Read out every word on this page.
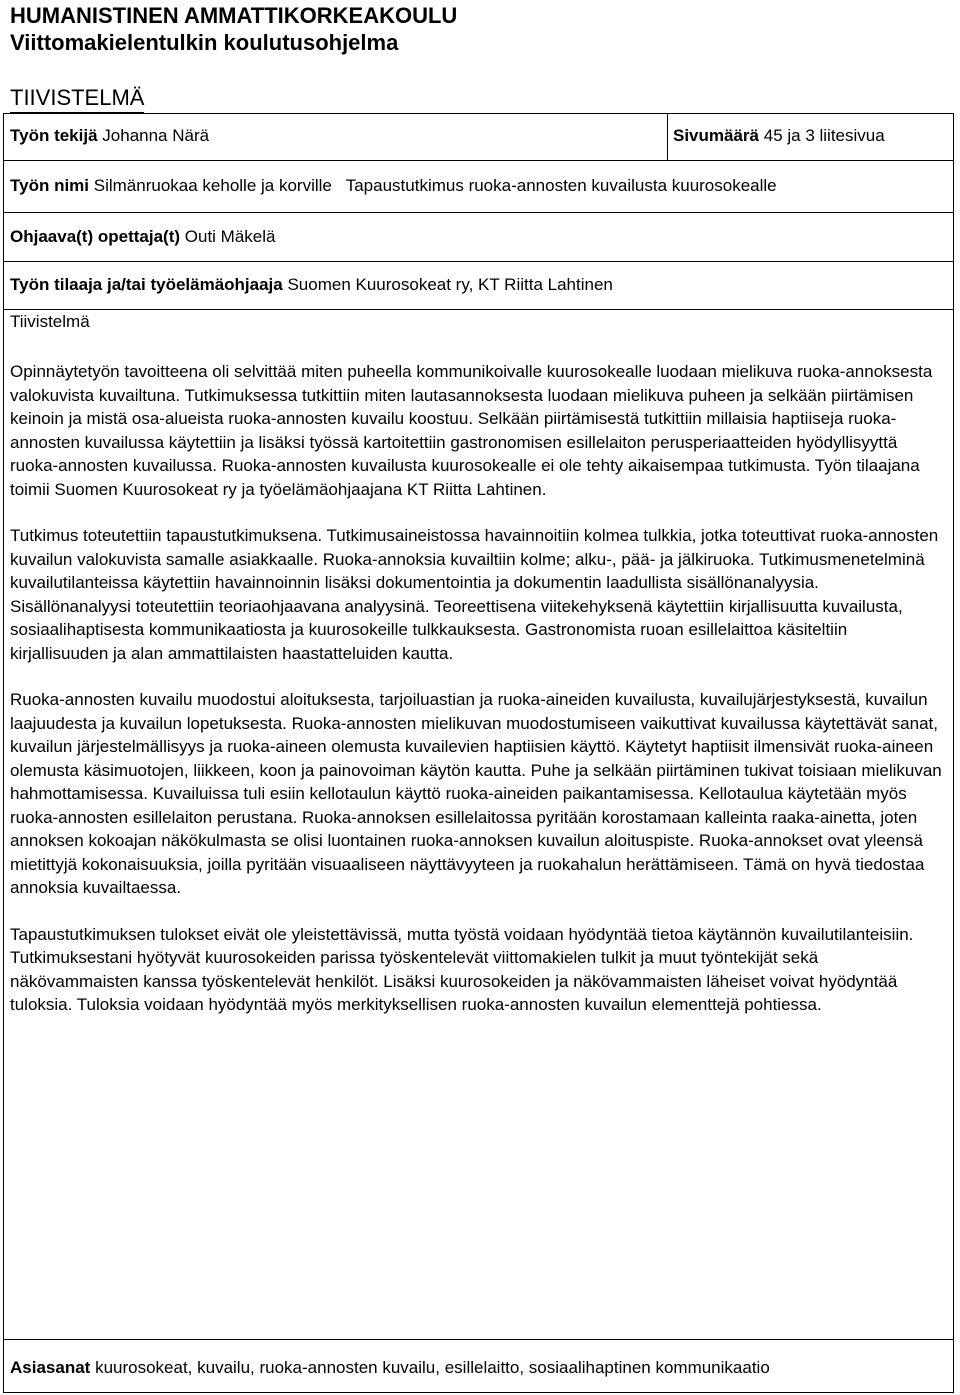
HUMANISTINEN AMMATTIKORKEAKOULU
Viittomakielentulkin koulutusohjelma
TIIVISTELMÄ
Työn tekijä Johanna Närä	Sivumäärä 45 ja 3 liitesivua
Työn nimi Silmänruokaa keholle ja korville   Tapaustutkimus ruoka-annosten kuvailusta kuurosokealle
Ohjaava(t) opettaja(t) Outi Mäkelä
Työn tilaaja ja/tai työelämäohjaaja Suomen Kuurosokeat ry, KT Riitta Lahtinen
Tiivistelmä

Opinnäytetyön tavoitteena oli selvittää miten puheella kommunikoivalle kuurosokealle luodaan mielikuva ruoka-annoksesta valokuvista kuvailtuna. Tutkimuksessa tutkittiin miten lautasannoksesta luodaan mielikuva puheen ja selkään piirtämisen keinoin ja mistä osa-alueista ruoka-annosten kuvailu koostuu. Selkään piirtämisestä tutkittiin millaisia haptiiseja ruoka-annosten kuvailussa käytettiin ja lisäksi työssä kartoitettiin gastronomisen esillelaiton perusperiaatteiden hyödyllisyyttä ruoka-annosten kuvailussa. Ruoka-annosten kuvailusta kuurosokealle ei ole tehty aikaisempaa tutkimusta. Työn tilaajana toimii Suomen Kuurosokeat ry ja työelämäohjaajana KT Riitta Lahtinen.

Tutkimus toteutettiin tapaustutkimuksena. Tutkimusaineistossa havainnoitiin kolmea tulkkia, jotka toteuttivat ruoka-annosten kuvailun valokuvista samalle asiakkaalle. Ruoka-annoksia kuvailtiin kolme; alku-, pää- ja jälkiruoka. Tutkimusmenetelminä kuvailutilanteissa käytettiin havainnoinnin lisäksi dokumentointia ja dokumentin laadullista sisällönanalyysia. Sisällönanalyysi toteutettiin teoriaohjaavana analyysinä. Teoreettisena viitekehyksenä käytettiin kirjallisuutta kuvailusta, sosiaalihaptisesta kommunikaatiosta ja kuurosokeille tulkkauksesta. Gastronomista ruoan esillelaittoa käsiteltiin kirjallisuuden ja alan ammattilaisten haastatteluiden kautta.

Ruoka-annosten kuvailu muodostui aloituksesta, tarjoiluastian ja ruoka-aineiden kuvailusta, kuvailujärjestyksestä, kuvailun laajuudesta ja kuvailun lopetuksesta. Ruoka-annosten mielikuvan muodostumiseen vaikuttivat kuvailussa käytettävät sanat, kuvailun järjestelmällisyys ja ruoka-aineen olemusta kuvailevien haptiisien käyttö. Käytetyt haptiisit ilmensivät ruoka-aineen olemusta käsimuotojen, liikkeen, koon ja painovoiman käytön kautta. Puhe ja selkään piirtäminen tukivat toisiaan mielikuvan hahmottamisessa. Kuvailuissa tuli esiin kellotaulun käyttö ruoka-aineiden paikantamisessa. Kellotaulua käytetään myös ruoka-annosten esillelaiton perustana. Ruoka-annoksen esillelaitossa pyritään korostamaan kalleinta raaka-ainetta, joten annoksen kokoajan näkökulmasta se olisi luontainen ruoka-annoksen kuvailun aloituspiste. Ruoka-annokset ovat yleensä mietittyjä kokonaisuuksia, joilla pyritään visuaaliseen näyttävyyteen ja ruokahalun herättämiseen. Tämä on hyvä tiedostaa annoksia kuvailtaessa.

Tapaustutkimuksen tulokset eivät ole yleistettävissä, mutta työstä voidaan hyödyntää tietoa käytännön kuvailutilanteisiin. Tutkimuksestani hyötyvät kuurosokeiden parissa työskentelevät viittomakielen tulkit ja muut työntekijät sekä näkövammaisten kanssa työskentelevät henkilöt. Lisäksi kuurosokeiden ja näkövammaisten läheiset voivat hyödyntää tuloksia. Tuloksia voidaan hyödyntää myös merkityksellisen ruoka-annosten kuvailun elementtejä pohtiessa.

Asiasanat kuurosokeat, kuvailu, ruoka-annosten kuvailu, esillelaitto, sosiaalihaptinen kommunikaatio
